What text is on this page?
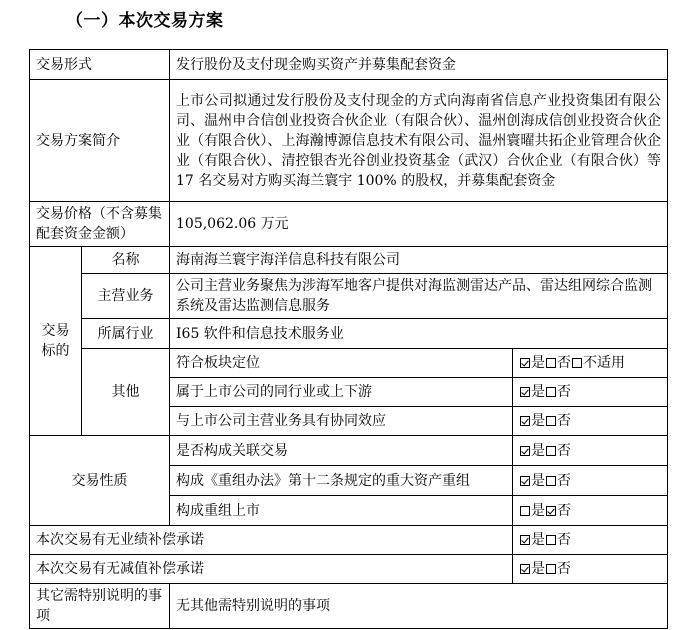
（一）本次交易方案
交易形式		发行股份及支付现金购买资产并募集配套资金	
交易方案简介		上市公司拟通过发行股份及支付现金的方式向海南省信息产业投资集团有限公司、温州申合信创业投资合伙企业（有限合伙）、温州创海成信创业投资合伙企业（有限合伙）、上海瀚博源信息技术有限公司、温州寰曜共拓企业管理合伙企业（有限合伙）、清控银杏光谷创业投资基金（武汉）合伙企业（有限合伙）等 17 名交易对方购买海兰寰宇 100% 的股权，并募集配套资金	
交易价格（不含募集配套资金金额）		105,062.06 万元	
交易标的	名称	海南海兰寰宇海洋信息科技有限公司	
	主营业务	公司主营业务聚焦为涉海军地客户提供对海监测雷达产品、雷达组网综合监测系统及雷达监测信息服务	
	所属行业	I65 软件和信息技术服务业	
	其他	符合板块定位	是 否 不适用
		属于上市公司的同行业或上下游	是 否
		与上市公司主营业务具有协同效应	是 否
交易性质		是否构成关联交易	是 否
		构成《重组办法》第十二条规定的重大资产重组	是 否
		构成重组上市	是 否
本次交易有无业绩补偿承诺			是 否
本次交易有无减值补偿承诺			是 否
其它需特别说明的事项		无其他需特别说明的事项	
